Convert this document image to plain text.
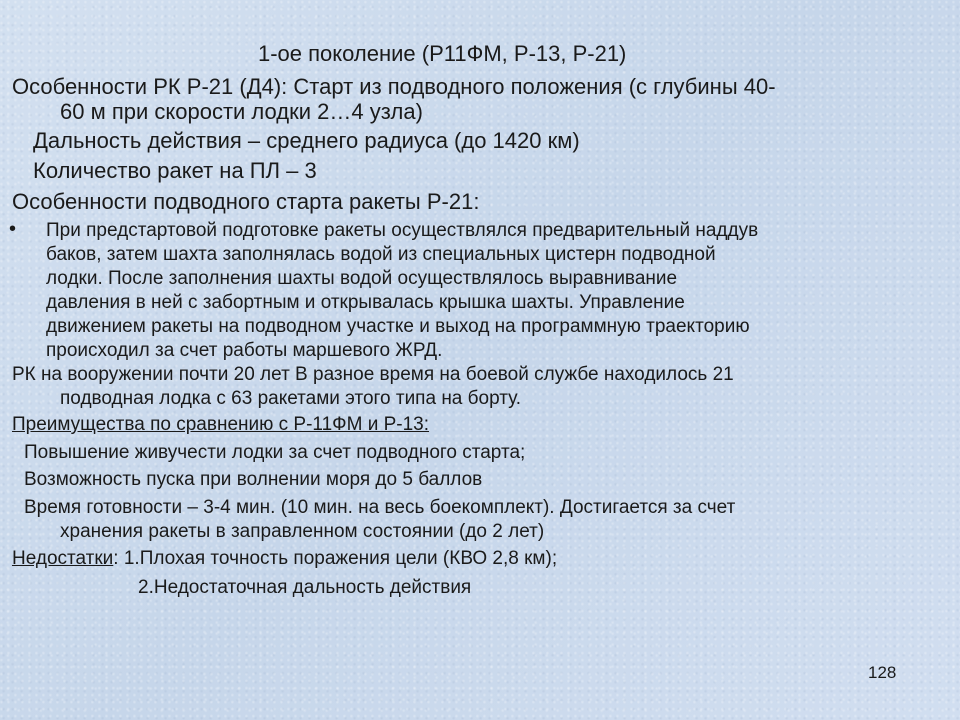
1-ое поколение (Р11ФМ, Р-13, Р-21)
Особенности РК Р-21 (Д4): Старт из подводного положения (с глубины 40-
60 м при скорости лодки 2…4 узла)
Дальность действия – среднего радиуса (до 1420 км)
Количество ракет на ПЛ – 3
Особенности подводного старта ракеты Р-21:
• При предстартовой подготовке ракеты осуществлялся предварительный наддув
баков, затем шахта заполнялась водой из специальных цистерн подводной
лодки. После заполнения шахты водой осуществлялось выравнивание
давления в ней с забортным и открывалась крышка шахты. Управление
движением ракеты на подводном участке и выход на программную траекторию
происходил за счет работы маршевого ЖРД.
РК на вооружении почти 20 лет В разное время на боевой службе находилось 21
подводная лодка с 63 ракетами этого типа на борту.
Преимущества по сравнению с Р-11ФМ и Р-13:
Повышение живучести лодки за счет подводного старта;
Возможность пуска при волнении моря до 5 баллов
Время готовности – 3-4 мин. (10 мин. на весь боекомплект). Достигается за счет
хранения ракеты в заправленном состоянии (до 2 лет)
Недостатки: 1.Плохая точность поражения цели (КВО 2,8 км);
2.Недостаточная дальность действия
128
